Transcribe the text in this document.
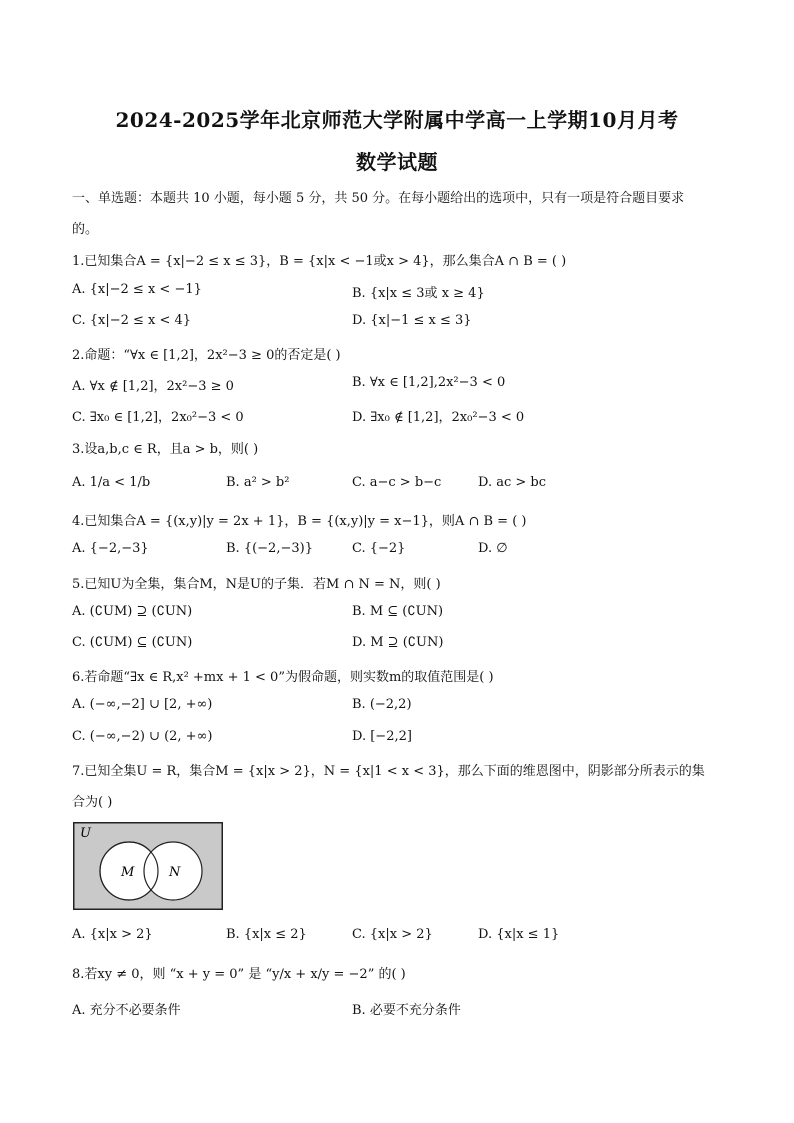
2024-2025学年北京师范大学附属中学高一上学期10月月考
数学试题
一、单选题：本题共 10 小题，每小题 5 分，共 50 分。在每小题给出的选项中，只有一项是符合题目要求
的。
1.已知集合A = {x|−2 ≤ x ≤ 3}，B = {x|x < −1或x > 4}，那么集合A ∩ B = ( )
A. {x|−2 ≤ x < −1}	B. {x|x ≤ 3或 x ≥ 4}
C. {x|−2 ≤ x < 4}	D. {x|−1 ≤ x ≤ 3}
2.命题：“∀x ∈ [1,2]，2x²−3 ≥ 0的否定是( )
A. ∀x ∉ [1,2]，2x²−3 ≥ 0	B. ∀x ∈ [1,2],2x²−3 < 0
C. ∃x₀ ∈ [1,2]，2x₀²−3 < 0	D. ∃x₀ ∉ [1,2]，2x₀²−3 < 0
3.设a,b,c ∈ R，且a > b，则( )
A. 1/a < 1/b	B. a² > b²	C. a−c > b−c	D. ac > bc
4.已知集合A = {(x,y)|y = 2x + 1}，B = {(x,y)|y = x−1}，则A ∩ B = ( )
A. {−2,−3}	B. {(−2,−3)}	C. {−2}	D. ∅
5.已知U为全集，集合M，N是U的子集．若M ∩ N = N，则( )
A. (∁UM) ⊇ (∁UN)	B. M ⊆ (∁UN)
C. (∁UM) ⊆ (∁UN)	D. M ⊇ (∁UN)
6.若命题“∃x ∈ R,x² +mx + 1 < 0”为假命题，则实数m的取值范围是( )
A. (−∞,−2] ∪ [2, +∞)	B. (−2,2)
C. (−∞,−2) ∪ (2, +∞)	D. [−2,2]
7.已知全集U = R，集合M = {x|x > 2}，N = {x|1 < x < 3}，那么下面的维恩图中，阴影部分所表示的集
合为( )
U
M	N
A. {x|x > 2}	B. {x|x ≤ 2}	C. {x|x > 2}	D. {x|x ≤ 1}
8.若xy ≠ 0，则 “x + y = 0” 是 “y/x + x/y = −2” 的( )
A. 充分不必要条件	B. 必要不充分条件
